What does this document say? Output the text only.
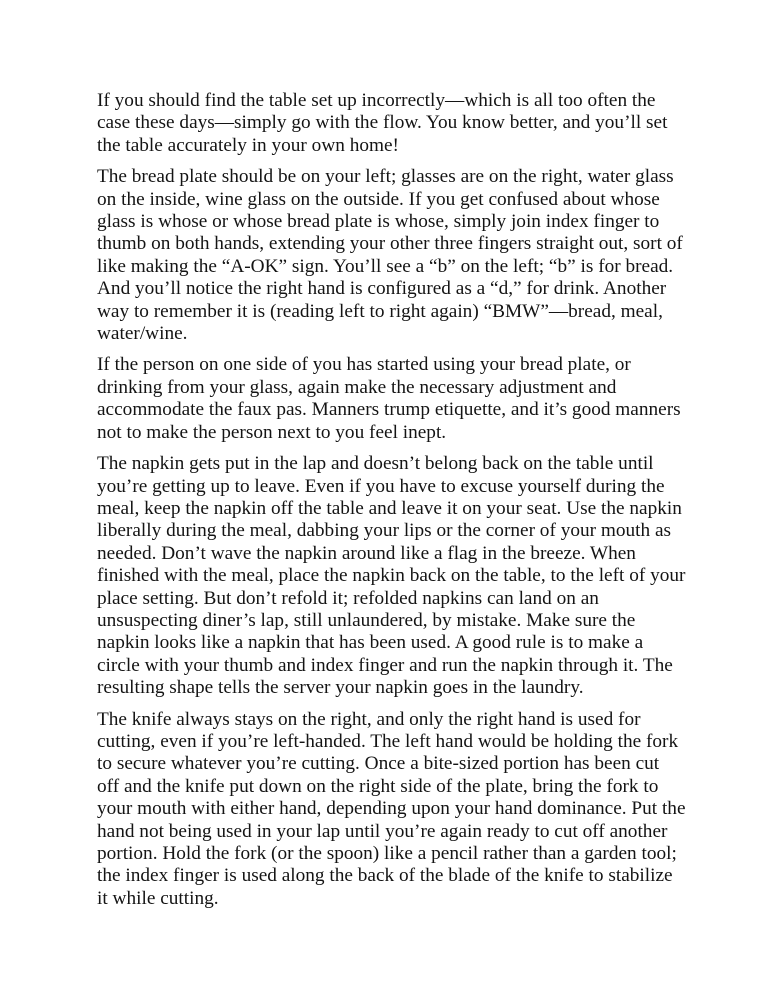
If you should find the table set up incorrectly—which is all too often the
case these days—simply go with the flow. You know better, and you’ll set
the table accurately in your own home!

The bread plate should be on your left; glasses are on the right, water glass
on the inside, wine glass on the outside. If you get confused about whose
glass is whose or whose bread plate is whose, simply join index finger to
thumb on both hands, extending your other three fingers straight out, sort of
like making the “A-OK” sign. You’ll see a “b” on the left; “b” is for bread.
And you’ll notice the right hand is configured as a “d,” for drink. Another
way to remember it is (reading left to right again) “BMW”—bread, meal,
water/wine.

If the person on one side of you has started using your bread plate, or
drinking from your glass, again make the necessary adjustment and
accommodate the faux pas. Manners trump etiquette, and it’s good manners
not to make the person next to you feel inept.

The napkin gets put in the lap and doesn’t belong back on the table until
you’re getting up to leave. Even if you have to excuse yourself during the
meal, keep the napkin off the table and leave it on your seat. Use the napkin
liberally during the meal, dabbing your lips or the corner of your mouth as
needed. Don’t wave the napkin around like a flag in the breeze. When
finished with the meal, place the napkin back on the table, to the left of your
place setting. But don’t refold it; refolded napkins can land on an
unsuspecting diner’s lap, still unlaundered, by mistake. Make sure the
napkin looks like a napkin that has been used. A good rule is to make a
circle with your thumb and index finger and run the napkin through it. The
resulting shape tells the server your napkin goes in the laundry.

The knife always stays on the right, and only the right hand is used for
cutting, even if you’re left-handed. The left hand would be holding the fork
to secure whatever you’re cutting. Once a bite-sized portion has been cut
off and the knife put down on the right side of the plate, bring the fork to
your mouth with either hand, depending upon your hand dominance. Put the
hand not being used in your lap until you’re again ready to cut off another
portion. Hold the fork (or the spoon) like a pencil rather than a garden tool;
the index finger is used along the back of the blade of the knife to stabilize
it while cutting.
